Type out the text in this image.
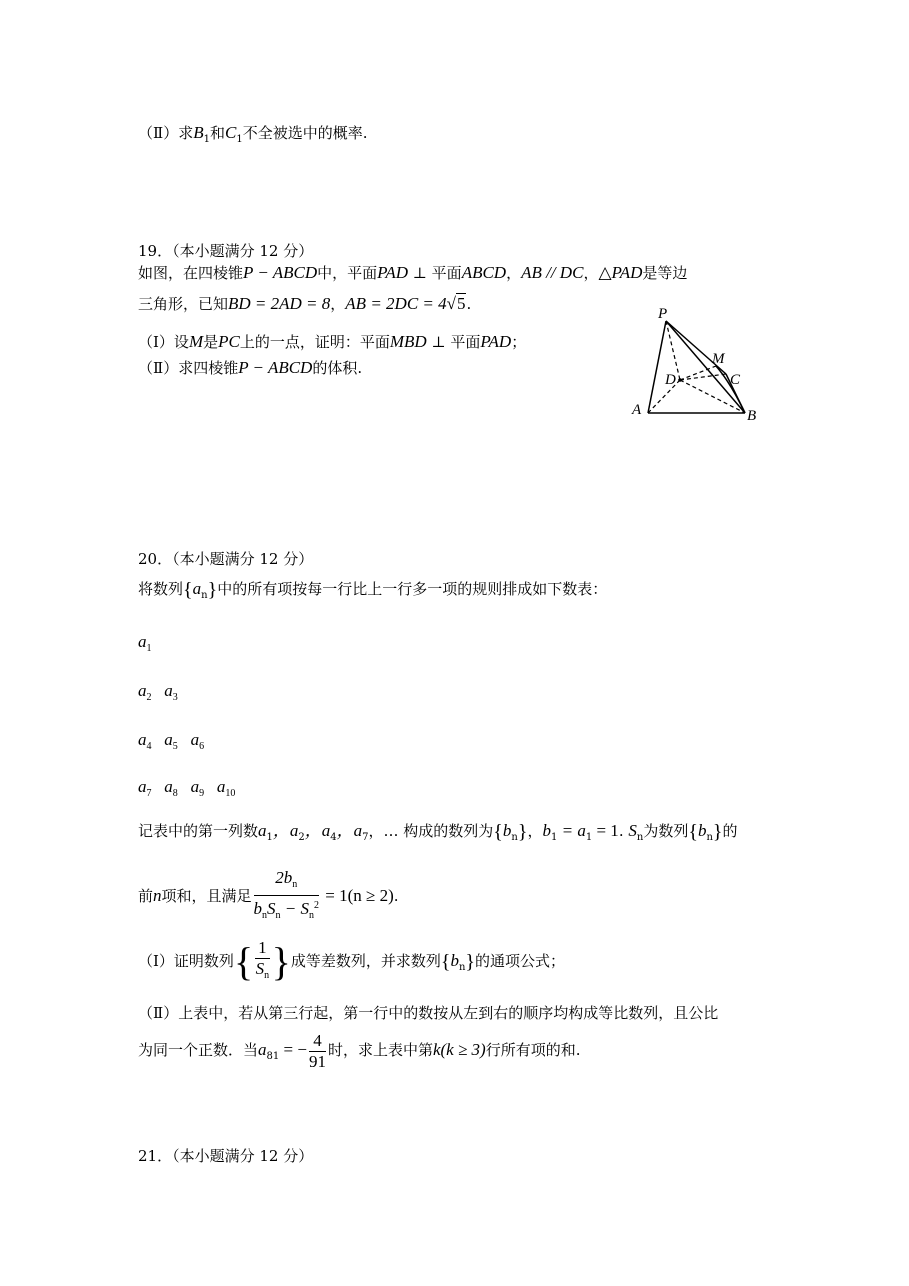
（Ⅱ）求$B_1$和$C_1$不全被选中的概率.
19．（本小题满分 12 分）
如图，在四棱锥P − ABCD中，平面PAD ⊥ 平面ABCD，AB // DC，△PAD是等边
三角形，已知BD = 2AD = 8，AB = 2DC = 4√5.
（Ⅰ）设M是PC上的一点，证明：平面MBD ⊥ 平面PAD；
（Ⅱ）求四棱锥P − ABCD的体积.
P
M
D	C
A	B
20．（本小题满分 12 分）
将数列$\{a_n\}$中的所有项按每一行比上一行多一项的规则排成如下数表：
$a_1$
$a_2$ $a_3$
$a_4$ $a_5$ $a_6$
$a_7$ $a_8$ $a_9$ $a_{10}$
记表中的第一列数$a_1$，$a_2$，$a_4$，$a_7$，… 构成的数列为$\{b_n\}$，$b_1 = a_1 = 1$. $S_n$为数列$\{b_n\}$的
前n项和，且满足 $\frac{2b_n}{b_nS_n - S_n^2} = 1(n \ge 2)$.
（Ⅰ）证明数列{ $\frac{1}{S_n}$ }成等差数列，并求数列$\{b_n\}$的通项公式；
（Ⅱ）上表中，若从第三行起，第一行中的数按从左到右的顺序均构成等比数列，且公比
为同一个正数．当$a_{81}$ = − $\frac{4}{91}$ 时，求上表中第k(k ≥ 3)行所有项的和.
21．（本小题满分 12 分）
